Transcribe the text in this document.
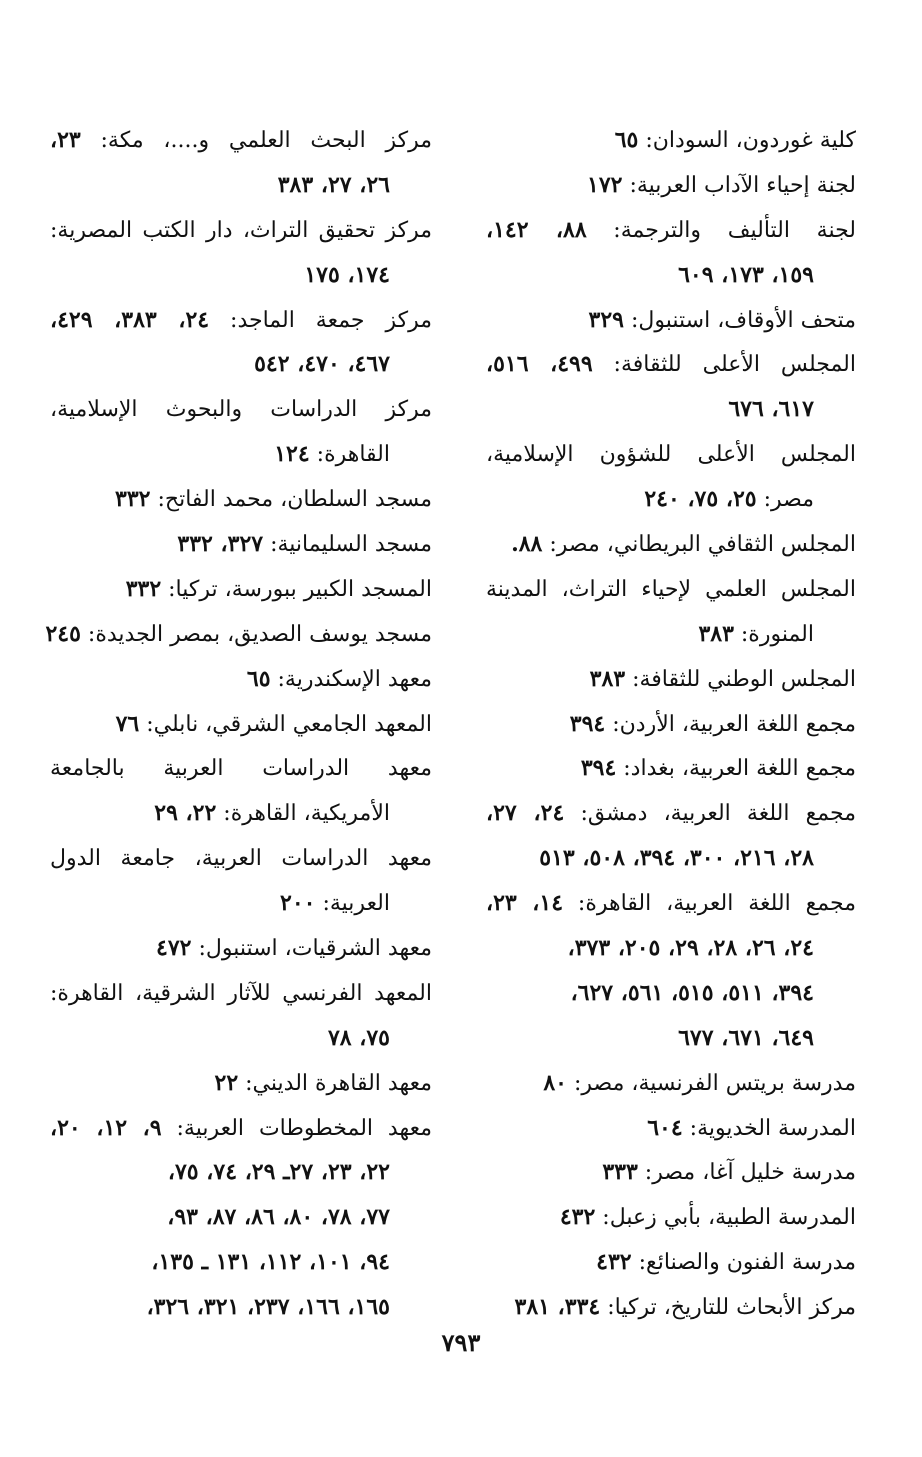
كلية غوردون، السودان: ٦٥
لجنة إحياء الآداب العربية: ١٧٢
لجنة التأليف والترجمة: ٨٨، ١٤٢،
١٥٩، ١٧٣، ٦٠٩
متحف الأوقاف، استنبول: ٣٢٩
المجلس الأعلى للثقافة: ٤٩٩، ٥١٦،
٦١٧، ٦٧٦
المجلس الأعلى للشؤون الإسلامية،
مصر: ٢٥، ٧٥، ٢٤٠
المجلس الثقافي البريطاني، مصر: ٨٨.
المجلس العلمي لإحياء التراث، المدينة
المنورة: ٣٨٣
المجلس الوطني للثقافة: ٣٨٣
مجمع اللغة العربية، الأردن: ٣٩٤
مجمع اللغة العربية، بغداد: ٣٩٤
مجمع اللغة العربية، دمشق: ٢٤، ٢٧،
٢٨، ٢١٦، ٣٠٠، ٣٩٤، ٥٠٨، ٥١٣
مجمع اللغة العربية، القاهرة: ١٤، ٢٣،
٢٤، ٢٦، ٢٨، ٢٩، ٢٠٥، ٣٧٣،
٣٩٤، ٥١١، ٥١٥، ٥٦١، ٦٢٧،
٦٤٩، ٦٧١، ٦٧٧
مدرسة بريتس الفرنسية، مصر: ٨٠
المدرسة الخديوية: ٦٠٤
مدرسة خليل آغا، مصر: ٣٣٣
المدرسة الطبية، بأبي زعبل: ٤٣٢
مدرسة الفنون والصنائع: ٤٣٢
مركز الأبحاث للتاريخ، تركيا: ٣٣٤، ٣٨١
مركز البحث العلمي و....، مكة: ٢٣،
٢٦، ٢٧، ٣٨٣
مركز تحقيق التراث، دار الكتب المصرية:
١٧٤، ١٧٥
مركز جمعة الماجد: ٢٤، ٣٨٣، ٤٢٩،
٤٦٧، ٤٧٠، ٥٤٢
مركز الدراسات والبحوث الإسلامية،
القاهرة: ١٢٤
مسجد السلطان، محمد الفاتح: ٣٣٢
مسجد السليمانية: ٣٢٧، ٣٣٢
المسجد الكبير ببورسة، تركيا: ٣٣٢
مسجد يوسف الصديق، بمصر الجديدة: ٢٤٥
معهد الإسكندرية: ٦٥
المعهد الجامعي الشرقي، نابلي: ٧٦
معهد الدراسات العربية بالجامعة
الأمريكية، القاهرة: ٢٢، ٢٩
معهد الدراسات العربية، جامعة الدول
العربية: ٢٠٠
معهد الشرقيات، استنبول: ٤٧٢
المعهد الفرنسي للآثار الشرقية، القاهرة:
٧٥، ٧٨
معهد القاهرة الديني: ٢٢
معهد المخطوطات العربية: ٩، ١٢، ٢٠،
٢٢، ٢٣، ٢٧ـ ٢٩، ٧٤، ٧٥،
٧٧، ٧٨، ٨٠، ٨٦، ٨٧، ٩٣،
٩٤، ١٠١، ١١٢، ١٣١ ـ ١٣٥،
١٦٥، ١٦٦، ٢٣٧، ٣٢١، ٣٢٦،
٧٩٣
